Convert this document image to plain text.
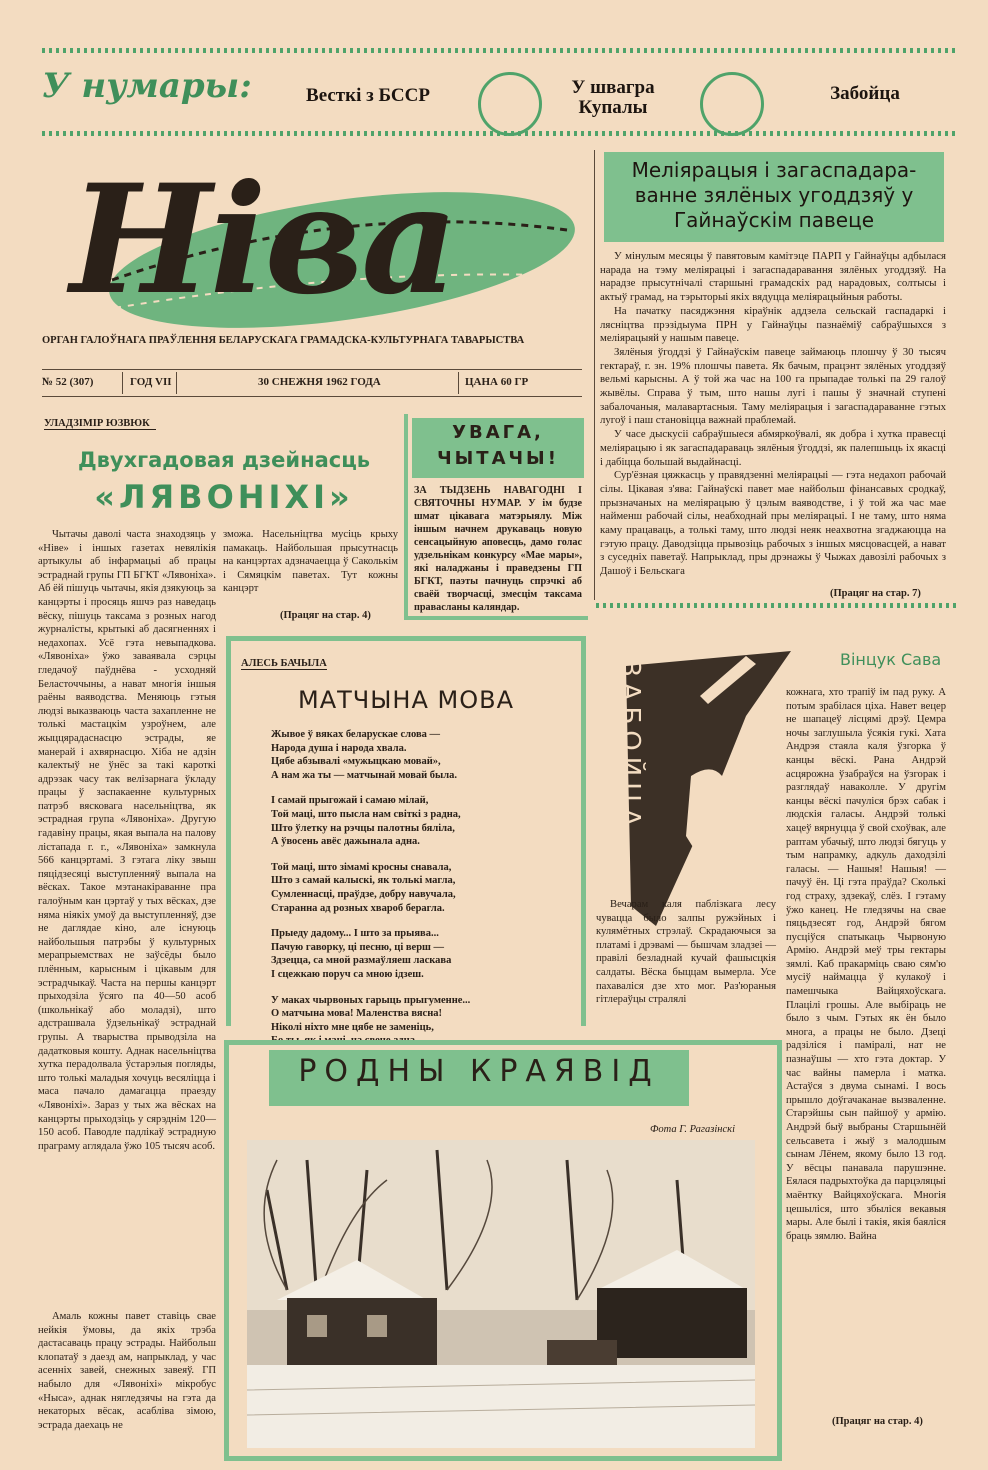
У нумары:	Весткі з БССР	У швагра Купалы
Забойца
Ніва
ОРГАН ГАЛОЎНАГА ПРАЎЛЕННЯ БЕЛАРУСКАГА ГРАМАДСКА-КУЛЬТУРНАГА ТАВАРЫСТВА
№ 52 (307)	ГОД VII	30 СНЕЖНЯ 1962 ГОДА	ЦАНА 60 ГР
Меліярацыя і загаспадара-ванне зялёных угоддзяў у Гайнаўскім павеце

У мінулым месяцы ў павятовым камітэце ПАРП у Гайнаўцы адбылася нарада на тэму меліярацыі і загаспадаравання зялёных угоддзяў. На нарадзе прысутнічалі старшыні грамадскіх рад нарадовых, солтысы і актыў грамад, на тэрыторыі якіх вядуцца меліярацыйныя работы.

На пачатку пасяджэння кіраўнік аддзела сельскай гаспадаркі і лясніцтва прэзідыума ПРН у Гайнаўцы пазнаёміў сабраўшыхся з меліярацыяй у нашым павеце.

Зялёныя ўгоддзі ў Гайнаўскім павеце займаюць плошчу ў 30 тысяч гектараў, г. зн. 19% плошчы павета. Як бачым, працэнт зялёных угоддзяў вельмі карысны. А ў той жа час на 100 га прыпадае толькі па 29 галоў жывёлы. Справа ў тым, што нашы лугі і пашы ў значнай ступені забалочаныя, малавартасныя. Таму меліярацыя і загаспадараванне гэтых лугоў і паш становіцца важнай праблемай.

У часе дыскусіі сабраўшыеся абмяркоўвалі, як добра і хутка правесці меліярацыю і як загаспадараваць зялёныя ўгоддзі, як палепшыць іх якасці і дабіцца большай выдайнасці.

Сур'ёзная цяжкасць у правядзенні меліярацыі — гэта недахоп рабочай сілы. Цікавая з'ява: Гайнаўскі павет мае найбольш фінансавых сродкаў, прызначаных на меліярацыю ў цэлым ваяводстве, і ў той жа час мае найменш рабочай сілы, неабходнай пры меліярацыі. І не таму, што няма каму працаваць, а толькі таму, што людзі неяк неахвотна згаджаюцца на гэтую працу. Даводзіцца прывозіць рабочых з іншых мясцовасцей, а нават з суседніх паветаў. Напрыклад, пры дрэнажы ў Чыжах давозілі рабочых з Дашоў і Бельскага

(Працяг на стар. 7)
УЛАДЗІМІР ЮЗВЮК
Двухгадовая дзейнасць
«ЛЯВОНІХІ»
Чытачы даволі часта знаходзяць у «Ніве» і іншых газетах невялікія артыкулы аб інфармацыі аб працы эстраднай групы ГП БГКТ «Лявоніха». Аб ёй пішуць чытачы, якія дзякуюць за канцэрты і просяць яшчэ раз наведаць вёску, пішуць таксама з розных нагод журналісты, крытыкі аб дасягненнях і недахопах. Усё гэта невыпадкова. «Лявоніха» ўжо заваявала сэрцы гледачоў паўднёва - усходняй Беласточчыны, а нават многія іншыя раёны ваяводства. Меняюць гэтыя людзі выказваюць часта захапленне не толькі мастацкім узроўнем, але жыццярадаснасцю эстрады, яе манерай і ахвярнасцю. Хіба не адзін калектыў не ўнёс за такі кароткі адрэзак часу так велізарнага ўкладу працы ў заспакаенне культурных патрэб вясковага насельніцтва, як эстрадная група «Лявоніха». Другую гадавіну працы, якая выпала на палову лістапада г. г., «Лявоніха» замкнула 566 канцэртамі. З гэтага ліку звыш пяцідзесяці выступленняў выпала на вёсках. Такое мэтанакіраванне пра галоўным кан цэртаў у тых вёсках, дзе няма ніякіх умоў да выступленняў, дзе не даглядае кіно, але існуюць найбольшыя патрэбы ў культурных мерапрыемствах не заўсёды было плённым, карысным і цікавым для эстрадчыкаў. Часта на першы канцэрт прыходзіла ўсяго па 40—50 асоб (школьнікаў або моладзі), што адстрашвала ўдзельнікаў эстраднай групы. А тварыства прыводзіла на дадатковыя коштy. Аднак насельніцтва хутка перадолвала ўстарэлыя погляды, што толькі маладыя хочуць весяліцца і маса пачало дамагацца праезду «Лявоніхі». Зараз у тых жа вёсках на канцэрты прыходзіць у сярэднім 120—150 асоб. Паводле падлікаў эстрадную праграму аглядала ўжо 105 тысяч асоб.
Амаль кожны павет ставіць свае нейкія ўмовы, да якіх трэба дастасаваць працу эстрады. Найбольш клопатаў з даезд ам, напрыклад, у час асенніх завей, снежных завеяў. ГП набыло для «Лявоніхі» мікробус «Ныса», аднак нягледзячы на гэта да некаторых вёсак, асабліва зімою, эстрада даехаць не
зможа. Насельніцтва мусіць крыху памакаць. Найбольшая прысутнасць на канцэртах адзначаецца ў Саколькім і Сямяцкім паветах. Тут кожны канцэрт
(Працяг на стар. 4)
УВАГА, ЧЫТАЧЫ!
ЗА ТЫДЗЕНЬ НАВАГОДНІ І СВЯТОЧНЫ НУМАР. У ім будзе шмат цікавага матэрыялу. Між іншым начнем друкаваць новую сенсацыйную аповесць, дамо голас удзельнікам конкурсу «Мае мары», які наладжаны і праведзены ГП БГКТ, паэты пачнуць спрэчкі аб сваёй творчасці, змесцім таксама правасланы каляндар.
АЛЕСЬ БАЧЫЛА
МАТЧЫНА МОВА
Жывое ў вяках беларускае слова —
Народа душа і народа хвала.
Цябе абзывалі «мужыцкаю мовай»,
А нам жа ты — матчынай мовай была.
І самай прыгожай і самаю мілай,
Той маці, што пысла нам світкі з радна,
Што ўлетку на рэчцы палотны бяліла,
А ўвосень авёс дажынала адна.
Той маці, што зімамі кросны снавала,
Што з самай калыскі, як толькі магла,
Сумленнасці, праўдзе, добру навучала,
Старанна ад розных хвароб берагла.
Прыеду дадому... І што за прыява...
Пачую гаворку, ці песню, ці верш —
Здзецца, са мной размаўляеш ласкава
І сцежкаю поруч са мною ідзеш.
У маках чырвоных гарыць прыгуменне...
О матчына мова! Маленства вясна!
Ніколі ніхто мне цябе не заменіць,
Вінцук Сава
ЗАБОЙЦА
Вечарам каля паблізкага лесу чувацца было залпы ружэйных і кулямётных стрэлаў. Скрадаючыся за платамі і дрэвамі — бышчам зладзеі — правілі безладнай кучай фашысцкія салдаты. Вёска быццам вымерла. Усе пахаваліся дзе хто мог. Раз'юраныя гітлераўцы стралялі
кожнага, хто трапіў ім пад руку. А потым зрабілася ціха. Навет вецер не шапацеў лісцямі дрэў. Цемра ночы заглушыла ўсякія гукі. Хата Андрэя стаяла каля ўзгорка ў канцы вёскі. Рана Андрэй асцярожна ўзабраўся на ўзгорак і разглядаў наваколле. У другім канцы вёскі пачуліся брэх сабак і людскія галасы. Андрэй толькі хацеў вярнуцца ў свой схоўвак, але раптам убачыў, што людзі бягуць у тым напрамку, адкуль даходзілі галасы. — Нашыя! Нашыя! — пачуў ён. Ці гэта праўда? Сколькі год страху, здзекаў, слёз. І гэтаму ўжо канец. Не гледзячы на свае пяцьдзесят год, Андрэй бягом пусціўся спатыкаць Чырвоную Армію. Андрэй меў тры гектары зямлі. Каб пракарміць сваю сям'ю мусіў наймацца ў кулакоў і памешчыка Вайцяхоўскага. Плацілі грошы. Але выбіраць не было з чым. Гэтых як ён было многа, а працы не было. Дзеці радзіліся і паміралі, нат не пазнаўшы — хто гэта доктар. У час вайны памерла і матка. Астаўся з двума сынамі. І вось прышло доўгачаканае вызваленне. Старэйшы сын пайшоў у армію. Андрэй быў выбраны Старшынёй сельсавета і жыў з малодшым сынам Лёнем, якому было 13 год. У вёсцы панавала парушэнне. Еялася падрыхтоўка да парцэляцыі маёнтку Вайцяхоўскага. Многія цешыліся, што збыліся векавыя мары. Але былі і такія, якія баяліся браць зямлю. Вайна
(Працяг на стар. 4)
РОДНЫ КРАЯВІД
Фота Г. Рагазінскі
